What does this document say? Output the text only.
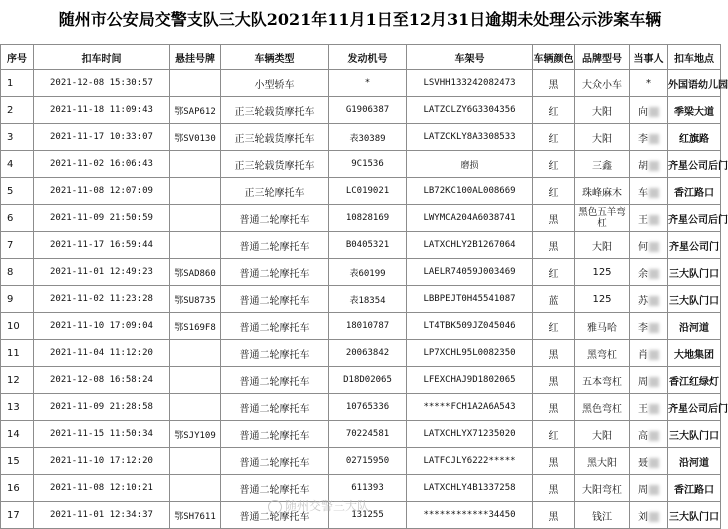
随州市公安局交警支队三大队2021年11月1日至12月31日逾期未处理公示涉案车辆
序号	扣车时间	悬挂号牌	车辆类型	发动机号	车架号	车辆颜色	品牌型号	当事人	扣车地点
1	2021-12-08 15:30:57		小型轿车	*	LSVHH133242082473	黑	大众小车	*	外国语幼儿园
2	2021-11-18 11:09:43	鄂SAP612	正三轮载货摩托车	G1906387	LATZCLZY6G3304356	红	大阳	向	季梁大道
3	2021-11-17 10:33:07	鄂SV0130	正三轮载货摩托车	表30389	LATZCKLY8A3308533	红	大阳	李	红旗路
4	2021-11-02 16:06:43		正三轮载货摩托车	9C1536	磨损	红	三鑫	胡	齐星公司后门
5	2021-11-08 12:07:09		正三轮摩托车	LC019021	LB72KC100AL008669	红	珠峰麻木	车	香江路口
6	2021-11-09 21:50:59		普通二轮摩托车	10828169	LWYMCA204A6038741	黑	黑色五羊弯杠	王	齐星公司后门
7	2021-11-17 16:59:44		普通二轮摩托车	B0405321	LATXCHLY2B1267064	黑	大阳	何	齐星公司门
8	2021-11-01 12:49:23	鄂SAD860	普通二轮摩托车	表60199	LAELR74059J003469	红	125	余	三大队门口
9	2021-11-02 11:23:28	鄂SU8735	普通二轮摩托车	表18354	LBBPEJT0H45541087	蓝	125	苏	三大队门口
10	2021-11-10 17:09:04	鄂S169F8	普通二轮摩托车	18010787	LT4TBK509JZ045046	红	雅马哈	李	沿河道
11	2021-11-04 11:12:20		普通二轮摩托车	20063842	LP7XCHL95L0082350	黑	黑弯杠	肖	大地集团
12	2021-12-08 16:58:24		普通二轮摩托车	D18D02065	LFEXCHAJ9D1802065	黑	五本弯杠	周	香江红绿灯
13	2021-11-09 21:28:58		普通二轮摩托车	10765336	*****FCH1A2A6A543	黑	黑色弯杠	王	齐星公司后门
14	2021-11-15 11:50:34	鄂SJY109	普通二轮摩托车	70224581	LATXCHLYX71235020	红	大阳	高	三大队门口
15	2021-11-10 17:12:20		普通二轮摩托车	02715950	LATFCJLY6222*****	黑	黑大阳	聂	沿河道
16	2021-11-08 12:10:21		普通二轮摩托车	611393	LATXCHLY4B1337258	黑	大阳弯杠	周	香江路口
17	2021-11-01 12:34:37	鄂SH7611	普通二轮摩托车	131255	************34450	黑	钱江	刘	三大队门口
随州交警三大队
